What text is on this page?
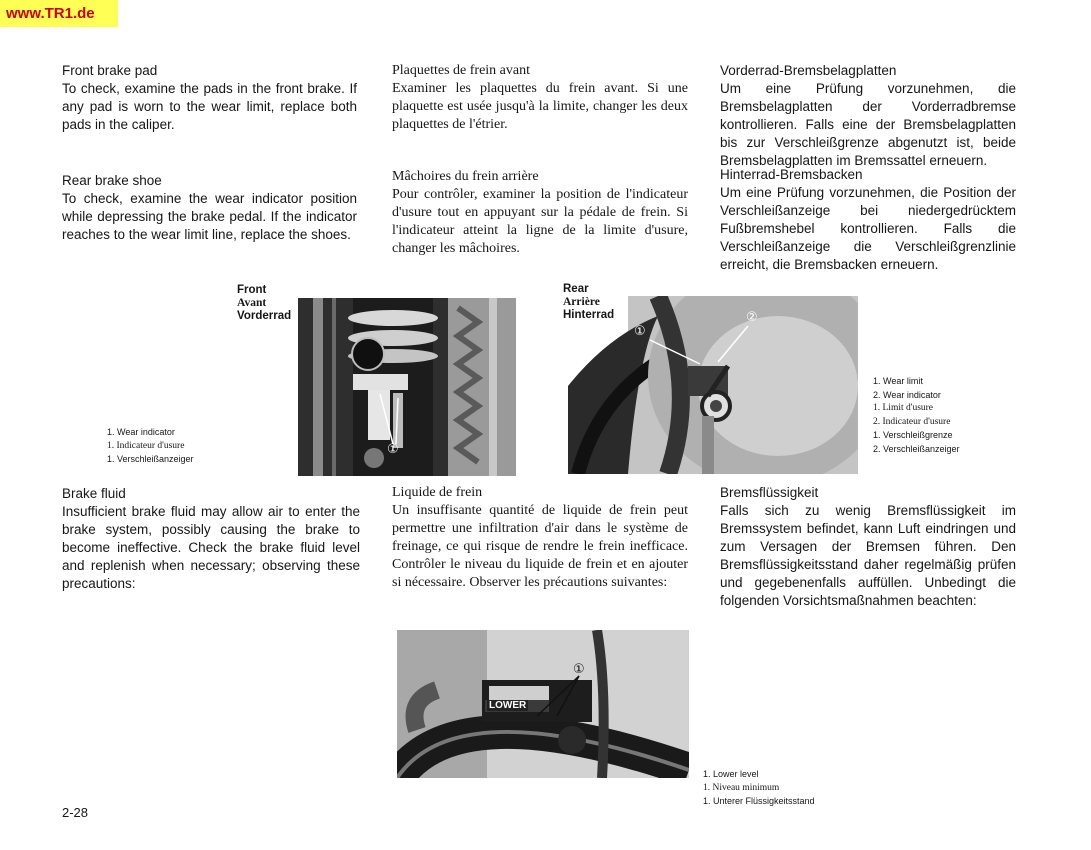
www.TR1.de

Front brake pad

To check, examine the pads in the front brake. If any pad is worn to the wear limit, replace both pads in the caliper.

Rear brake shoe

To check, examine the wear indicator position while depressing the brake pedal. If the indicator reaches to the wear limit line, replace the shoes.

Brake fluid

Insufficient brake fluid may allow air to enter the brake system, possibly causing the brake to become ineffective. Check the brake fluid level and replenish when necessary; observing these precautions:

Plaquettes de frein avant

Examiner les plaquettes du frein avant. Si une plaquette est usée jusqu'à la limite, changer les deux plaquettes de l'étrier.

Mâchoires du frein arrière

Pour contrôler, examiner la position de l'indicateur d'usure tout en appuyant sur la pédale de frein. Si l'indicateur atteint la ligne de la limite d'usure, changer les mâchoires.

Liquide de frein

Un insuffisante quantité de liquide de frein peut permettre une infiltration d'air dans le système de freinage, ce qui risque de rendre le frein inefficace. Contrôler le niveau du liquide de frein et en ajouter si nécessaire. Observer les précautions suivantes:

Vorderrad-Bremsbelagplatten

Um eine Prüfung vorzunehmen, die Bremsbelagplatten der Vorderradbremse kontrollieren. Falls eine der Bremsbelagplatten bis zur Verschleißgrenze abgenutzt ist, beide Bremsbelagplatten im Bremssattel erneuern.

Hinterrad-Bremsbacken

Um eine Prüfung vorzunehmen, die Position der Verschleißanzeige bei niedergedrücktem Fußbremshebel kontrollieren. Falls die Verschleißanzeige die Verschleißgrenzlinie erreicht, die Bremsbacken erneuern.

Bremsflüssigkeit

Falls sich zu wenig Bremsflüssigkeit im Bremssystem befindet, kann Luft eindringen und zum Versagen der Bremsen führen. Den Bremsflüssigkeitsstand daher regelmäßig prüfen und gegebenenfalls auffüllen. Unbedingt die folgenden Vorsichtsmaßnahmen beachten:

Front
Avant
Vorderrad
①
1. Wear indicator
1. Indicateur d'usure
1. Verschleißanzeiger
Rear
Arrière
Hinterrad
①
②
1. Wear limit
2. Wear indicator
1. Limit d'usure
2. Indicateur d'usure
1. Verschleißgrenze
2. Verschleißanzeiger
LOWER
①
1. Lower level
1. Niveau minimum
1. Unterer Flüssigkeitsstand
2-28
